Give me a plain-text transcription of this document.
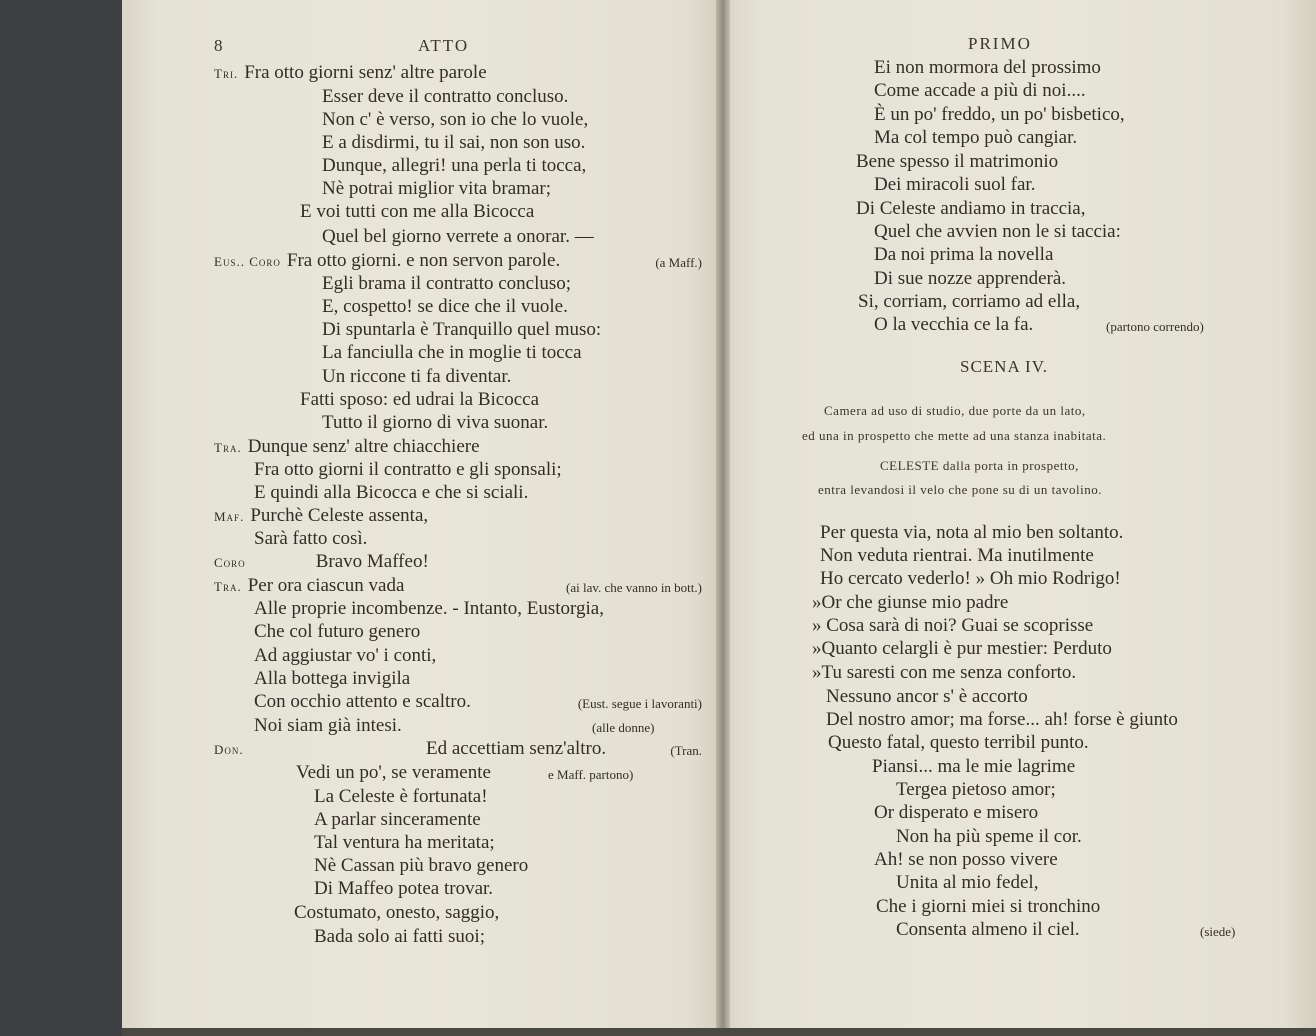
8	ATTO
Tri. Fra otto giorni senz' altre parole
Esser deve il contratto concluso.
Non c' è verso, son io che lo vuole,
E a disdirmi, tu il sai, non son uso.
Dunque, allegri! una perla ti tocca,
Nè potrai miglior vita bramar;
E voi tutti con me alla Bicocca
Quel bel giorno verrete a onorar. —
Eus.. Coro Fra otto giorni. e non servon parole.	(a Maff.)
Egli brama il contratto concluso;
E, cospetto! se dice che il vuole.
Di spuntarla è Tranquillo quel muso:
La fanciulla che in moglie ti tocca
Un riccone ti fa diventar.
Fatti sposo: ed udrai la Bicocca
Tutto il giorno di viva suonar.
Tra. Dunque senz' altre chiacchiere
Fra otto giorni il contratto e gli sponsali;
E quindi alla Bicocca e che si sciali.
Maf. Purchè Celeste assenta,
Sarà fatto così.
Coro	Bravo Maffeo!
Tra. Per ora ciascun vada	(ai lav. che vanno in bott.)
Alle proprie incombenze. - Intanto, Eustorgia,
Che col futuro genero
Ad aggiustar vo' i conti,
Alla bottega invigila
Con occhio attento e scaltro.	(Eust. segue i lavoranti)
Noi siam già intesi.	(alle donne)
Don.	Ed accettiam senz'altro.	(Tran.
Vedi un po', se veramente	e Maff. partono)
La Celeste è fortunata!
A parlar sinceramente
Tal ventura ha meritata;
Nè Cassan più bravo genero
Di Maffeo potea trovar.
Costumato, onesto, saggio,
Bada solo ai fatti suoi;
PRIMO
Ei non mormora del prossimo
Come accade a più di noi....
È un po' freddo, un po' bisbetico,
Ma col tempo può cangiar.
Bene spesso il matrimonio
Dei miracoli suol far.
Di Celeste andiamo in traccia,
Quel che avvien non le si taccia:
Da noi prima la novella
Di sue nozze apprenderà.
Si, corriam, corriamo ad ella,
O la vecchia ce la fa.	(partono correndo)
Per questa via, nota al mio ben soltanto.
Non veduta rientrai. Ma inutilmente
Ho cercato vederlo! » Oh mio Rodrigo!
»Or che giunse mio padre
» Cosa sarà di noi? Guai se scoprisse
»Quanto celargli è pur mestier: Perduto
»Tu saresti con me senza conforto.
Nessuno ancor s' è accorto
Del nostro amor; ma forse... ah! forse è giunto
Questo fatal, questo terribil punto.
Piansi... ma le mie lagrime
Tergea pietoso amor;
Or disperato e misero
Non ha più speme il cor.
Ah! se non posso vivere
Unita al mio fedel,
Che i giorni miei si tronchino
Consenta almeno il ciel.	(siede)
SCENA IV.
Camera ad uso di studio, due porte da un lato,
ed una in prospetto che mette ad una stanza inabitata.
CELESTE dalla porta in prospetto,
entra levandosi il velo che pone su di un tavolino.
